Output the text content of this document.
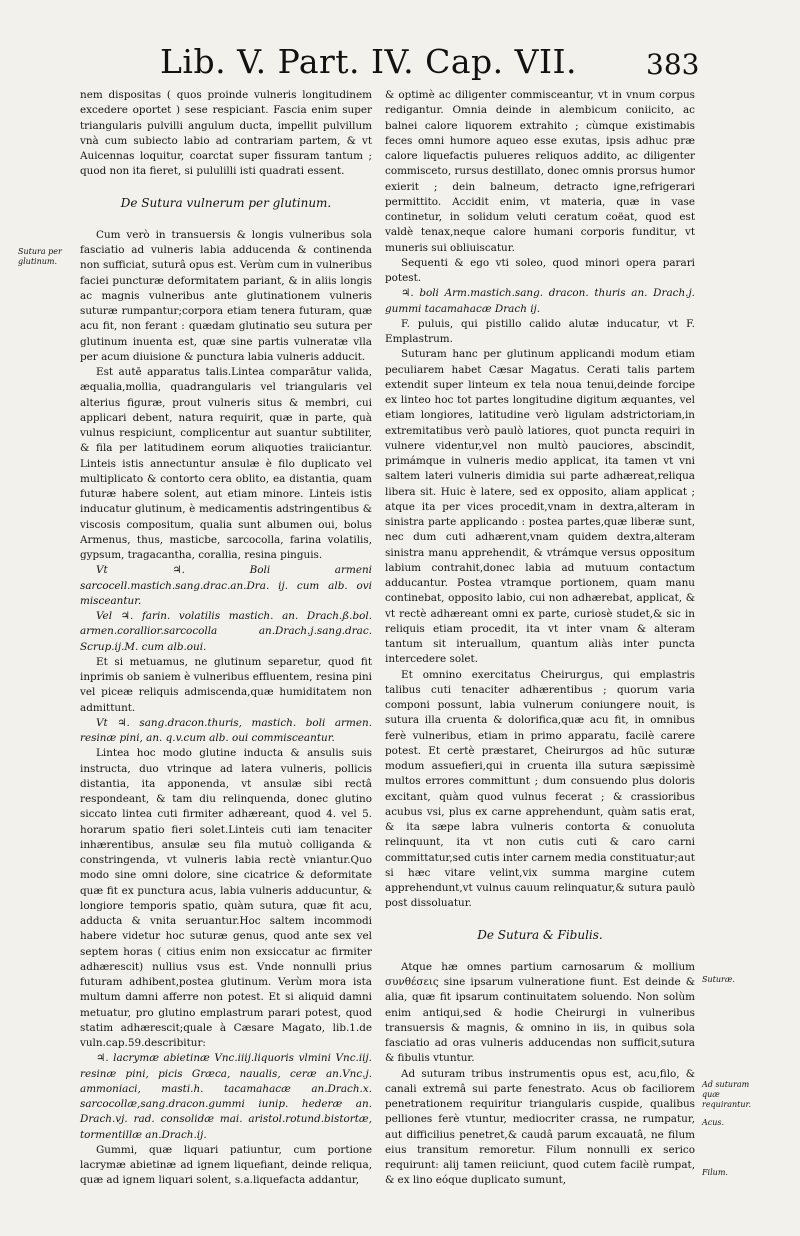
Lib. V. Part. IV. Cap. VII. 383
Sutura per glutinum.
Suturæ.
Ad suturam quæ requirantur.
Acus.
Filum.

nem dispositas ( quos proinde vulneris longitudinem excedere oportet ) sese respiciant. Fascia enim super triangularis pulvilli angulum ducta, impellit pulvillum vnà cum subiecto labio ad contrariam partem, & vt Auicennas loquitur, coarctat super fissuram tantum ; quod non ita fieret, si pululilli isti quadrati essent.

De Sutura vulnerum per glutinum.

Cum verò in transuersis & longis vulneribus sola fasciatio ad vulneris labia adducenda & continenda non sufficiat, suturâ opus est. Verùm cum in vulneribus faciei puncturæ deformitatem pariant, & in aliis longis ac magnis vulneribus ante glutinationem vulneris suturæ rumpantur;corpora etiam tenera futuram, quæ acu fit, non ferant : quædam glutinatio seu sutura per glutinum inuenta est, quæ sine partis vulneratæ vlla per acum diuisione & punctura labia vulneris adducit.

Est autē apparatus talis.Lintea comparātur valida, æqualia,mollia, quadrangularis vel triangularis vel alterius figuræ, prout vulneris situs & membri, cui applicari debent, natura requirit, quæ in parte, quà vulnus respiciunt, complicentur aut suantur subtiliter, & fila per latitudinem eorum aliquoties traiiciantur. Linteis istis annectuntur ansulæ è filo duplicato vel multiplicato & contorto cera oblito, ea distantia, quam futuræ habere solent, aut etiam minore. Linteis istis inducatur glutinum, è medicamentis adstringentibus & viscosis compositum, qualia sunt albumen oui, bolus Armenus, thus, masticbe, sarcocolla, farina volatilis, gypsum, tragacantha, corallia, resina pinguis.

Vt ♃. Boli armeni sarcocell.mastich.sang.drac.an.Dra. ij. cum alb. ovi misceantur.

Vel ♃. farin. volatilis mastich. an. Drach.ß.bol. armen.corallior.sarcocolla an.Drach.j.sang.drac. Scrup.ij.M. cum alb.oui.

Et si metuamus, ne glutinum separetur, quod fit inprimis ob saniem è vulneribus effluentem, resina pini vel piceæ reliquis admiscenda,quæ humiditatem non admittunt.

Vt ♃. sang.dracon.thuris, mastich. boli armen. resinæ pini, an. q.v.cum alb. oui commisceantur.

Lintea hoc modo glutine inducta & ansulis suis instructa, duo vtrinque ad latera vulneris, pollicis distantia, ita apponenda, vt ansulæ sibi rectâ respondeant, & tam diu relinquenda, donec glutino siccato lintea cuti firmiter adhæreant, quod 4. vel 5. horarum spatio fieri solet.Linteis cuti iam tenaciter inhærentibus, ansulæ seu fila mutuò colliganda & constringenda, vt vulneris labia rectè vniantur.Quo modo sine omni dolore, sine cicatrice & deformitate quæ fit ex punctura acus, labia vulneris adducuntur, & longiore temporis spatio, quàm sutura, quæ fit acu, adducta & vnita seruantur.Hoc saltem incommodi habere videtur hoc suturæ genus, quod ante sex vel septem horas ( citius enim non exsiccatur ac firmiter adhærescit) nullius vsus est. Vnde nonnulli prius futuram adhibent,postea glutinum. Verùm mora ista multum damni afferre non potest. Et si aliquid damni metuatur, pro glutino emplastrum parari potest, quod statim adhærescit;quale à Cæsare Magato, lib.1.de vuln.cap.59.describitur:

♃. lacrymæ abietinæ Vnc.iiij.liquoris vlmini Vnc.iij. resinæ pini, picis Græca, naualis, ceræ an.Vnc.j. ammoniaci, masti.h. tacamahacæ an.Drach.x. sarcocollæ,sang.dracon.gummi iunip. hederæ an. Drach.vj. rad. consolidæ mai. aristol.rotund.bistortæ, tormentillæ an.Drach.ij.

Gummi, quæ liquari patiuntur, cum portione lacrymæ abietinæ ad ignem liquefiant, deinde reliqua, quæ ad ignem liquari solent, s.a.liquefacta addantur,

& optimè ac diligenter commisceantur, vt in vnum corpus redigantur. Omnia deinde in alembicum coniicito, ac balnei calore liquorem extrahito ; cùmque existimabis feces omni humore aqueo esse exutas, ipsis adhuc præ calore liquefactis pulueres reliquos addito, ac diligenter commisceto, rursus destillato, donec omnis prorsus humor exierit ; dein balneum, detracto igne,refrigerari permittito. Accidit enim, vt materia, quæ in vase continetur, in solidum veluti ceratum coëat, quod est valdè tenax,neque calore humani corporis funditur, vt muneris sui obliuiscatur.

Sequenti & ego vti soleo, quod minori opera parari potest.

♃. boli Arm.mastich.sang. dracon. thuris an. Drach.j. gummi tacamahacæ Drach ij.

F. puluis, qui pistillo calido alutæ inducatur, vt F. Emplastrum.

Suturam hanc per glutinum applicandi modum etiam peculiarem habet Cæsar Magatus. Cerati talis partem extendit super linteum ex tela noua tenui,deinde forcipe ex linteo hoc tot partes longitudine digitum æquantes, vel etiam longiores, latitudine verò ligulam adstrictoriam,in extremitatibus verò paulò latiores, quot puncta requiri in vulnere videntur,vel non multò pauciores, abscindit, primámque in vulneris medio applicat, ita tamen vt vni saltem lateri vulneris dimidia sui parte adhæreat,reliqua libera sit. Huic è latere, sed ex opposito, aliam applicat ; atque ita per vices procedit,vnam in dextra,alteram in sinistra parte applicando : postea partes,quæ liberæ sunt, nec dum cuti adhærent,vnam quidem dextra,alteram sinistra manu apprehendit, & vtrámque versus oppositum labium contrahit,donec labia ad mutuum contactum adducantur. Postea vtramque portionem, quam manu continebat, opposito labio, cui non adhærebat, applicat, & vt rectè adhæreant omni ex parte, curiosè studet,& sic in reliquis etiam procedit, ita vt inter vnam & alteram tantum sit interuallum, quantum aliàs inter puncta intercedere solet.

Et omnino exercitatus Cheirurgus, qui emplastris talibus cuti tenaciter adhærentibus ; quorum varia componi possunt, labia vulnerum coniungere nouit, is sutura illa cruenta & dolorifica,quæ acu fit, in omnibus ferè vulneribus, etiam in primo apparatu, facilè carere potest. Et certè præstaret, Cheirurgos ad hūc suturæ modum assuefieri,qui in cruenta illa sutura sæpissimè multos errores committunt ; dum consuendo plus doloris excitant, quàm quod vulnus fecerat ; & crassioribus acubus vsi, plus ex carne apprehendunt, quàm satis erat, & ita sæpe labra vulneris contorta & conuoluta relinquunt, ita vt non cutis cuti & caro carni committatur,sed cutis inter carnem media constituatur;aut si hæc vitare velint,vix summa margine cutem apprehendunt,vt vulnus cauum relinquatur,& sutura paulò post dissoluatur.

De Sutura & Fibulis.

Atque hæ omnes partium carnosarum & mollium συνθέσεις sine ipsarum vulneratione fiunt. Est deinde & alia, quæ fit ipsarum continuitatem soluendo. Non solùm enim antiqui,sed & hodie Cheirurgi in vulneribus transuersis & magnis, & omnino in iis, in quibus sola fasciatio ad oras vulneris adducendas non sufficit,sutura & fibulis vtuntur.

Ad suturam tribus instrumentis opus est, acu,filo, & canali extremâ sui parte fenestrato. Acus ob faciliorem penetrationem requiritur triangularis cuspide, qualibus pelliones ferè vtuntur, mediocriter crassa, ne rumpatur, aut difficilius penetret,& caudâ parum excauatâ, ne filum eius transitum remoretur. Filum nonnulli ex serico requirunt: alij tamen reiiciunt, quod cutem facilè rumpat, & ex lino eóque duplicato sumunt,
